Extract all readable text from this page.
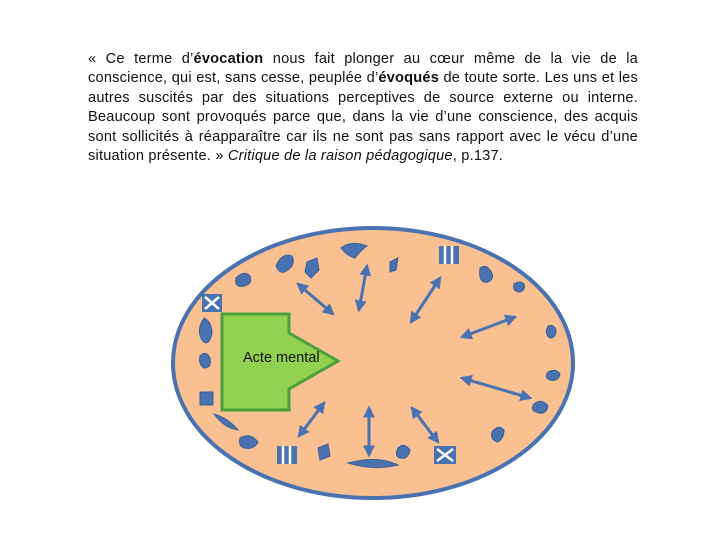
« Ce terme d’évocation nous fait plonger au cœur même de la vie de la conscience, qui est, sans cesse, peuplée d’évoqués de toute sorte. Les uns et les autres suscités par des situations perceptives de source externe ou interne. Beaucoup sont provoqués parce que, dans la vie d’une conscience, des acquis sont sollicités à réapparaître car ils ne sont pas sans rapport avec le vécu d’une situation présente. » Critique de la raison pédagogique, p.137.
Acte mental
